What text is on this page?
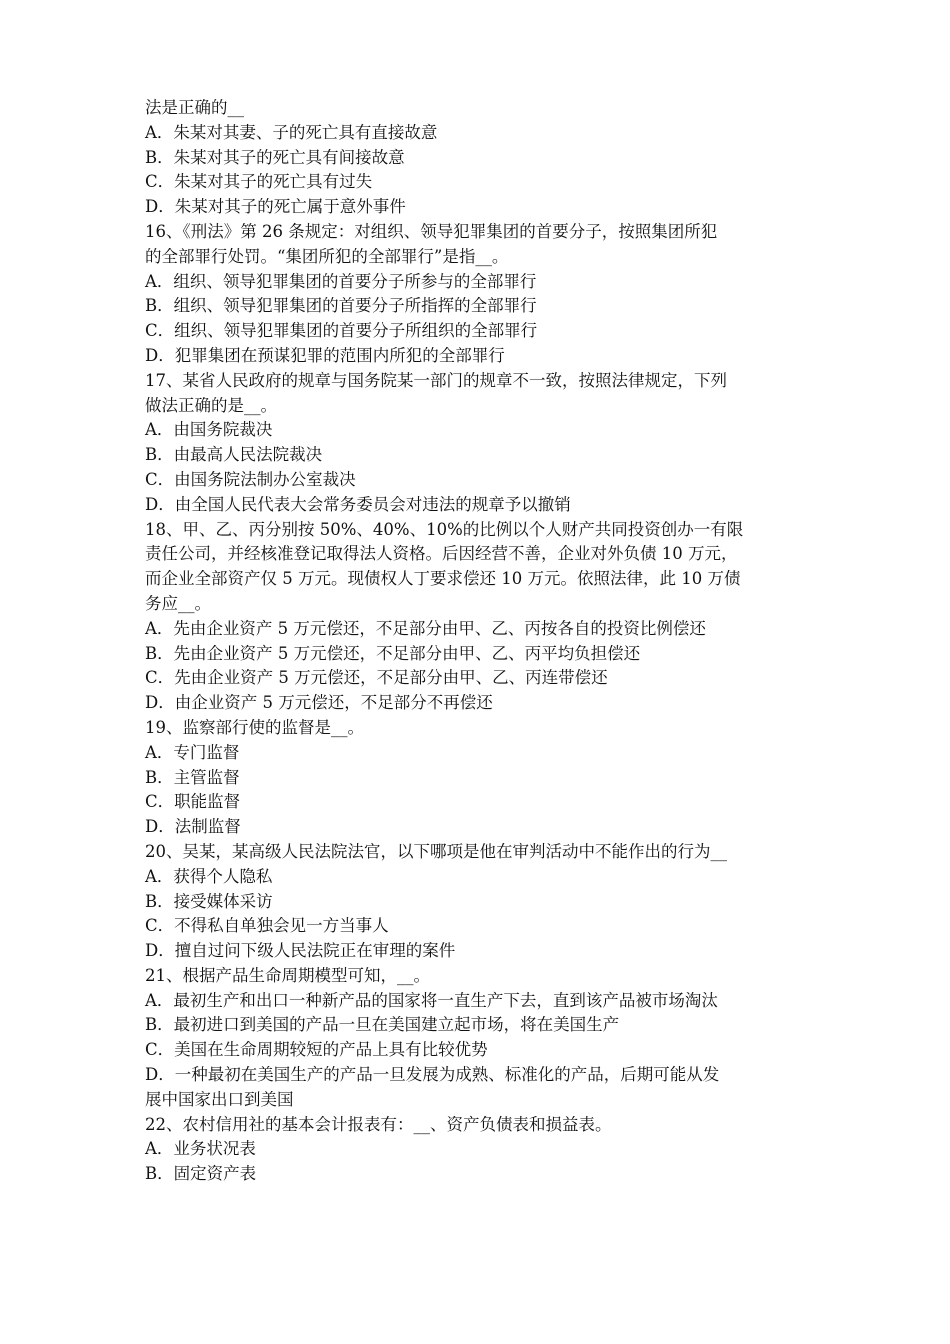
法是正确的__
A．朱某对其妻、子的死亡具有直接故意
B．朱某对其子的死亡具有间接故意
C．朱某对其子的死亡具有过失
D．朱某对其子的死亡属于意外事件
16、《刑法》第 26 条规定：对组织、领导犯罪集团的首要分子，按照集团所犯
的全部罪行处罚。“集团所犯的全部罪行”是指__。
A．组织、领导犯罪集团的首要分子所参与的全部罪行
B．组织、领导犯罪集团的首要分子所指挥的全部罪行
C．组织、领导犯罪集团的首要分子所组织的全部罪行
D．犯罪集团在预谋犯罪的范围内所犯的全部罪行
17、某省人民政府的规章与国务院某一部门的规章不一致，按照法律规定，下列
做法正确的是__。
A．由国务院裁决
B．由最高人民法院裁决
C．由国务院法制办公室裁决
D．由全国人民代表大会常务委员会对违法的规章予以撤销
18、甲、乙、丙分别按 50%、40%、10%的比例以个人财产共同投资创办一有限
责任公司，并经核准登记取得法人资格。后因经营不善，企业对外负债 10 万元，
而企业全部资产仅 5 万元。现债权人丁要求偿还 10 万元。依照法律，此 10 万债
务应__。
A．先由企业资产 5 万元偿还，不足部分由甲、乙、丙按各自的投资比例偿还
B．先由企业资产 5 万元偿还，不足部分由甲、乙、丙平均负担偿还
C．先由企业资产 5 万元偿还，不足部分由甲、乙、丙连带偿还
D．由企业资产 5 万元偿还，不足部分不再偿还
19、监察部行使的监督是__。
A．专门监督
B．主管监督
C．职能监督
D．法制监督
20、吴某，某高级人民法院法官，以下哪项是他在审判活动中不能作出的行为__
A．获得个人隐私
B．接受媒体采访
C．不得私自单独会见一方当事人
D．擅自过问下级人民法院正在审理的案件
21、根据产品生命周期模型可知，__。
A．最初生产和出口一种新产品的国家将一直生产下去，直到该产品被市场淘汰
B．最初进口到美国的产品一旦在美国建立起市场，将在美国生产
C．美国在生命周期较短的产品上具有比较优势
D．一种最初在美国生产的产品一旦发展为成熟、标准化的产品，后期可能从发
展中国家出口到美国
22、农村信用社的基本会计报表有：__、资产负债表和损益表。
A．业务状况表
B．固定资产表
